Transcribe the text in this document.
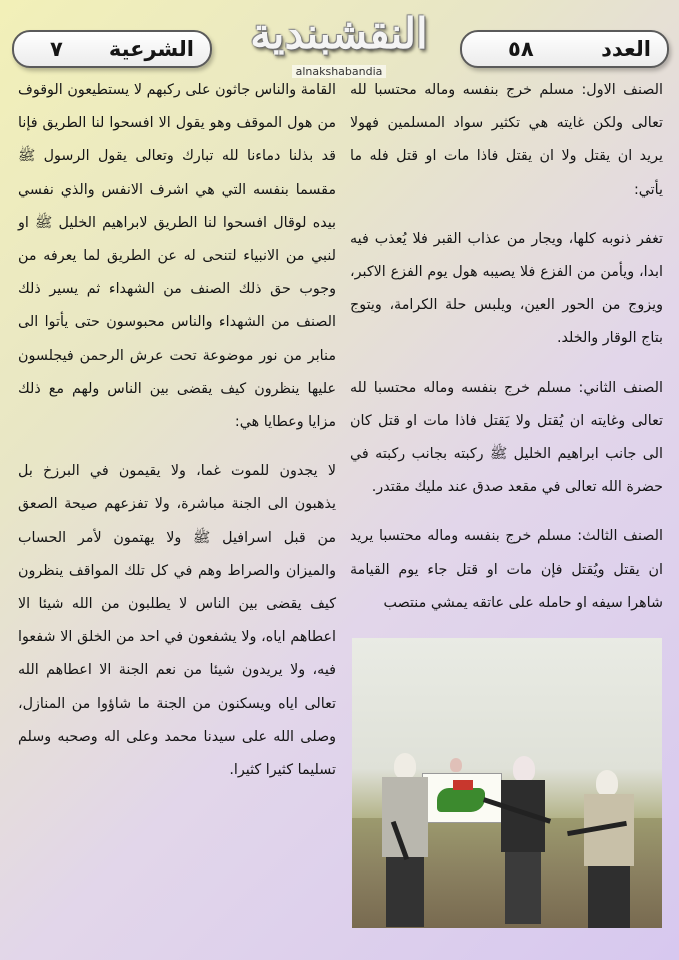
٧ الشرعية النقشبندية
alnakshabandia
٥٨	العدد

الصنف الاول: مسلم خرج بنفسه وماله محتسبا لله تعالى ولكن غايته هي تكثير سواد المسلمين فهولا يريد ان يقتل ولا ان يقتل فاذا مات او قتل فله ما يأتي:

تغفر ذنوبه كلها، ويجار من عذاب القبر فلا يُعذب فيه ابدا، ويأمن من الفزع فلا يصيبه هول يوم الفزع الاكبر، ويزوج من الحور العين، ويلبس حلة الكرامة، ويتوج بتاج الوقار والخلد.

الصنف الثاني: مسلم خرج بنفسه وماله محتسبا لله تعالى وغايته ان يُقتل ولا يَقتل فاذا مات او قتل كان الى جانب ابراهيم الخليل ﷺ ركبته بجانب ركبته في حضرة الله تعالى في مقعد صدق عند مليك مقتدر.

الصنف الثالث: مسلم خرج بنفسه وماله محتسبا يريد ان يقتل ويُقتل فإن مات او قتل جاء يوم القيامة شاهرا سيفه او حامله على عاتقه يمشي منتصب

القامة والناس جاثون على ركبهم لا يستطيعون الوقوف من هول الموقف وهو يقول الا افسحوا لنا الطريق فإنا قد بذلنا دماءنا لله تبارك وتعالى يقول الرسول ﷺ مقسما بنفسه التي هي اشرف الانفس والذي نفسي بيده لوقال افسحوا لنا الطريق لابراهيم الخليل ﷺ او لنبي من الانبياء لتنحى له عن الطريق لما يعرفه من وجوب حق ذلك الصنف من الشهداء ثم يسير ذلك الصنف من الشهداء والناس محبوسون حتى يأتوا الى منابر من نور موضوعة تحت عرش الرحمن فيجلسون عليها ينظرون كيف يقضى بين الناس ولهم مع ذلك مزايا وعطايا هي:

لا يجدون للموت غما، ولا يقيمون في البرزخ بل يذهبون الى الجنة مباشرة، ولا تفزعهم صيحة الصعق من قبل اسرافيل ﷺ ولا يهتمون لأمر الحساب والميزان والصراط وهم في كل تلك المواقف ينظرون كيف يقضى بين الناس لا يطلبون من الله شيئا الا اعطاهم اياه، ولا يشفعون في احد من الخلق الا شفعوا فيه، ولا يريدون شيئا من نعم الجنة الا اعطاهم الله تعالى اياه ويسكنون من الجنة ما شاؤوا من المنازل، وصلى الله على سيدنا محمد وعلى اله وصحبه وسلم تسليما كثيرا كثيرا.
